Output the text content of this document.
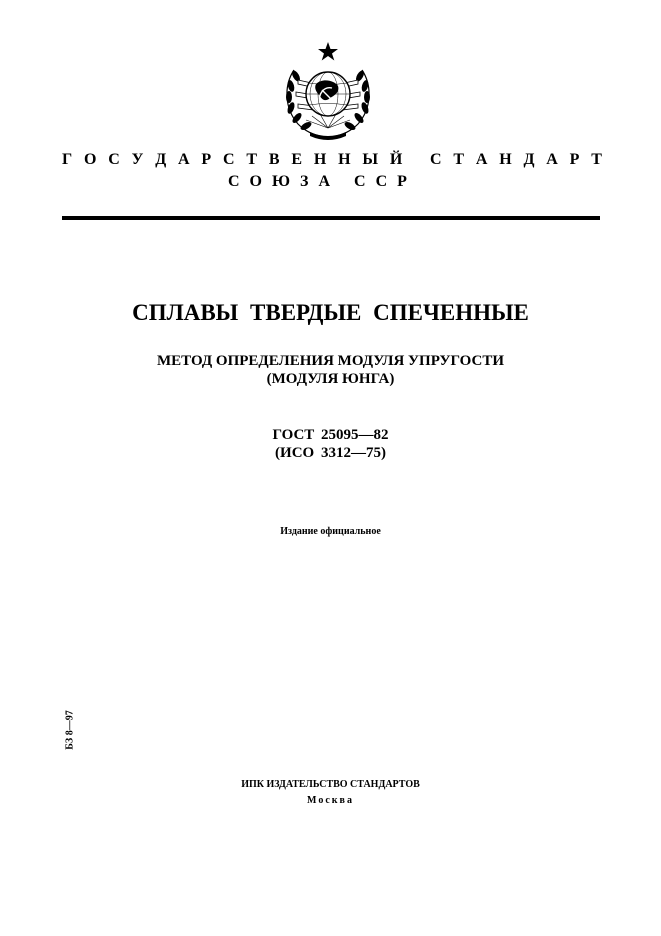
Г О С У Д А Р С Т В Е Н Н Ы Й
С Т А Н Д А Р Т
СОЮЗА ССР
СПЛАВЫ ТВЕРДЫЕ СПЕЧЕННЫЕ
МЕТОД ОПРЕДЕЛЕНИЯ МОДУЛЯ УПРУГОСТИ
(МОДУЛЯ ЮНГА)
ГОСТ 25095—82
(ИСО 3312—75)
Издание официальное
БЗ 8—97
ИПК ИЗДАТЕЛЬСТВО СТАНДАРТОВ
Москва
